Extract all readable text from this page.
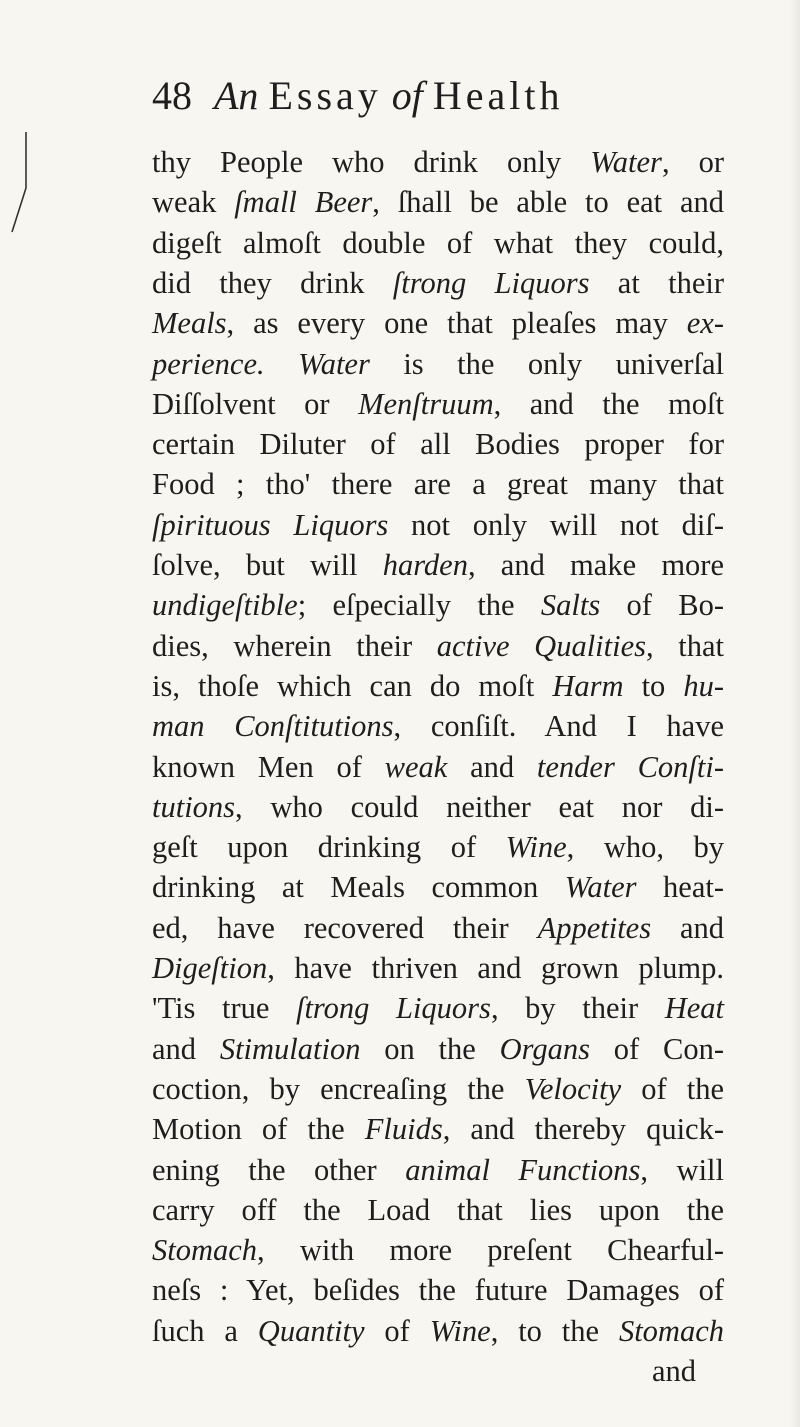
48 An Essay of Health
thy People who drink only Water, or
weak ſmall Beer, ſhall be able to eat and
digeſt almoſt double of what they could,
did they drink ſtrong Liquors at their
Meals, as every one that pleaſes may ex-
perience. Water is the only univerſal
Diſſolvent or Menſtruum, and the moſt
certain Diluter of all Bodies proper for
Food ; tho' there are a great many that
ſpirituous Liquors not only will not diſ-
ſolve, but will harden, and make more
undigeſtible; eſpecially the Salts of Bo-
dies, wherein their active Qualities, that
is, thoſe which can do moſt Harm to hu-
man Conſtitutions, conſiſt. And I have
known Men of weak and tender Conſti-
tutions, who could neither eat nor di-
geſt upon drinking of Wine, who, by
drinking at Meals common Water heat-
ed, have recovered their Appetites and
Digeſtion, have thriven and grown plump.
'Tis true ſtrong Liquors, by their Heat
and Stimulation on the Organs of Con-
coction, by encreaſing the Velocity of the
Motion of the Fluids, and thereby quick-
ening the other animal Functions, will
carry off the Load that lies upon the
Stomach, with more preſent Chearful-
neſs : Yet, beſides the future Damages of
ſuch a Quantity of Wine, to the Stomach
and
